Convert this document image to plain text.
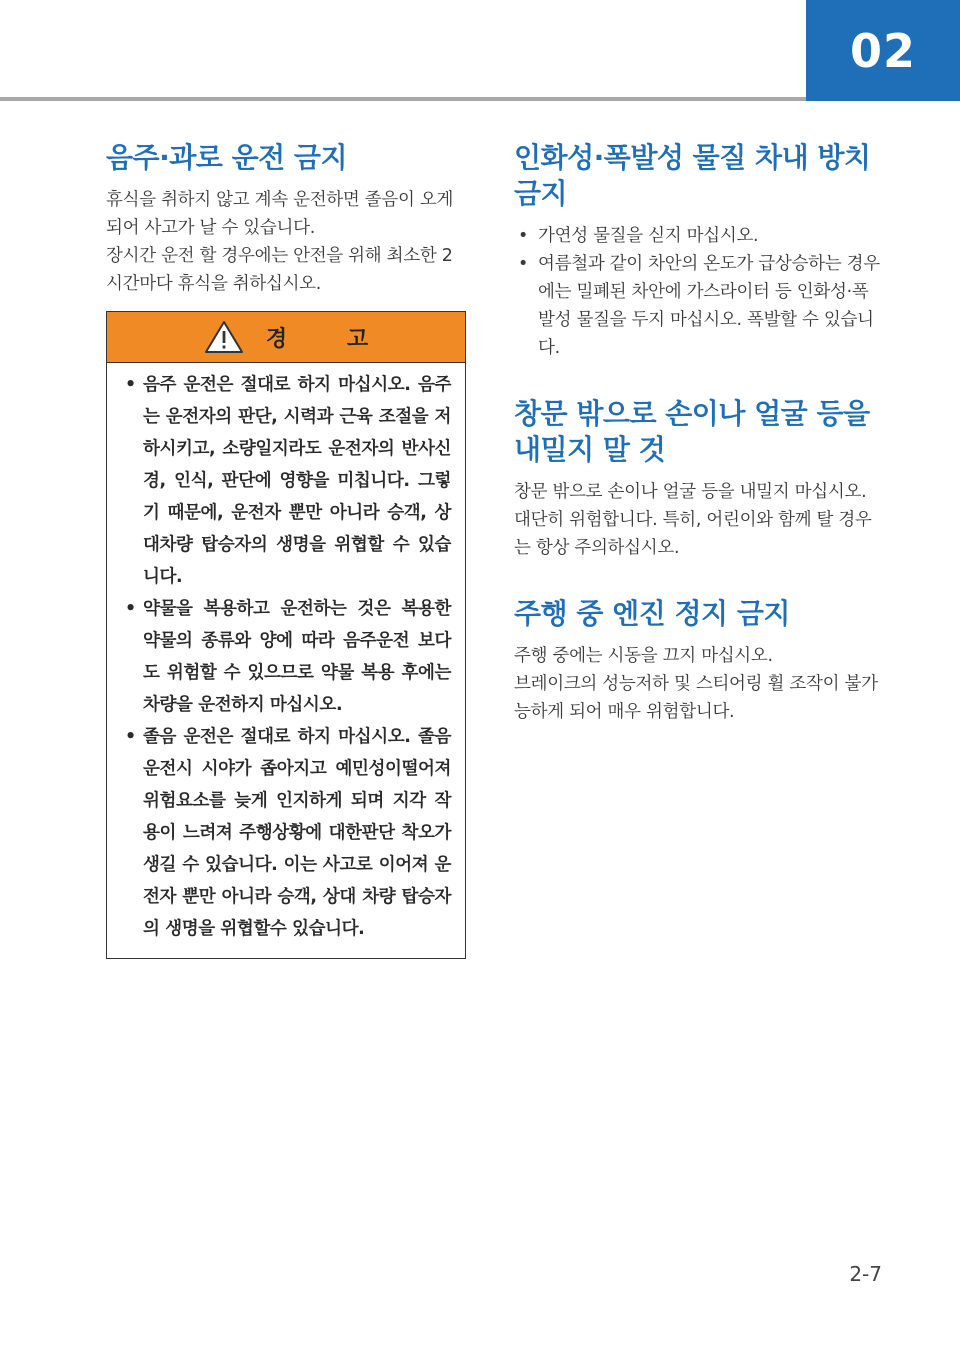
02
음주·과로 운전 금지

휴식을 취하지 않고 계속 운전하면 졸음이 오게 되어 사고가 날 수 있습니다.

장시간 운전 할 경우에는 안전을 위해 최소한 2시간마다 휴식을 취하십시오.

경 고
• 음주 운전은 절대로 하지 마십시오. 음주는 운전자의 판단, 시력과 근육 조절을 저하시키고, 소량일지라도 운전자의 반사신경, 인식, 판단에 영향을 미칩니다. 그렇기 때문에, 운전자 뿐만 아니라 승객, 상대차량 탑승자의 생명을 위협할 수 있습니다.
• 약물을 복용하고 운전하는 것은 복용한 약물의 종류와 양에 따라 음주운전 보다도 위험할 수 있으므로 약물 복용 후에는 차량을 운전하지 마십시오.
• 졸음 운전은 절대로 하지 마십시오. 졸음 운전시 시야가 좁아지고 예민성이떨어져 위험요소를 늦게 인지하게 되며 지각 작용이 느려져 주행상황에 대한판단 착오가 생길 수 있습니다. 이는 사고로 이어져 운전자 뿐만 아니라 승객, 상대 차량 탑승자의 생명을 위협할수 있습니다.
인화성·폭발성 물질 차내 방치 금지
• 가연성 물질을 싣지 마십시오.
• 여름철과 같이 차안의 온도가 급상승하는 경우에는 밀폐된 차안에 가스라이터 등 인화성·폭발성 물질을 두지 마십시오. 폭발할 수 있습니다.
창문 밖으로 손이나 얼굴 등을 내밀지 말 것

창문 밖으로 손이나 얼굴 등을 내밀지 마십시오. 대단히 위험합니다. 특히, 어린이와 함께 탈 경우는 항상 주의하십시오.

주행 중 엔진 정지 금지

주행 중에는 시동을 끄지 마십시오.

브레이크의 성능저하 및 스티어링 휠 조작이 불가능하게 되어 매우 위험합니다.

2-7
